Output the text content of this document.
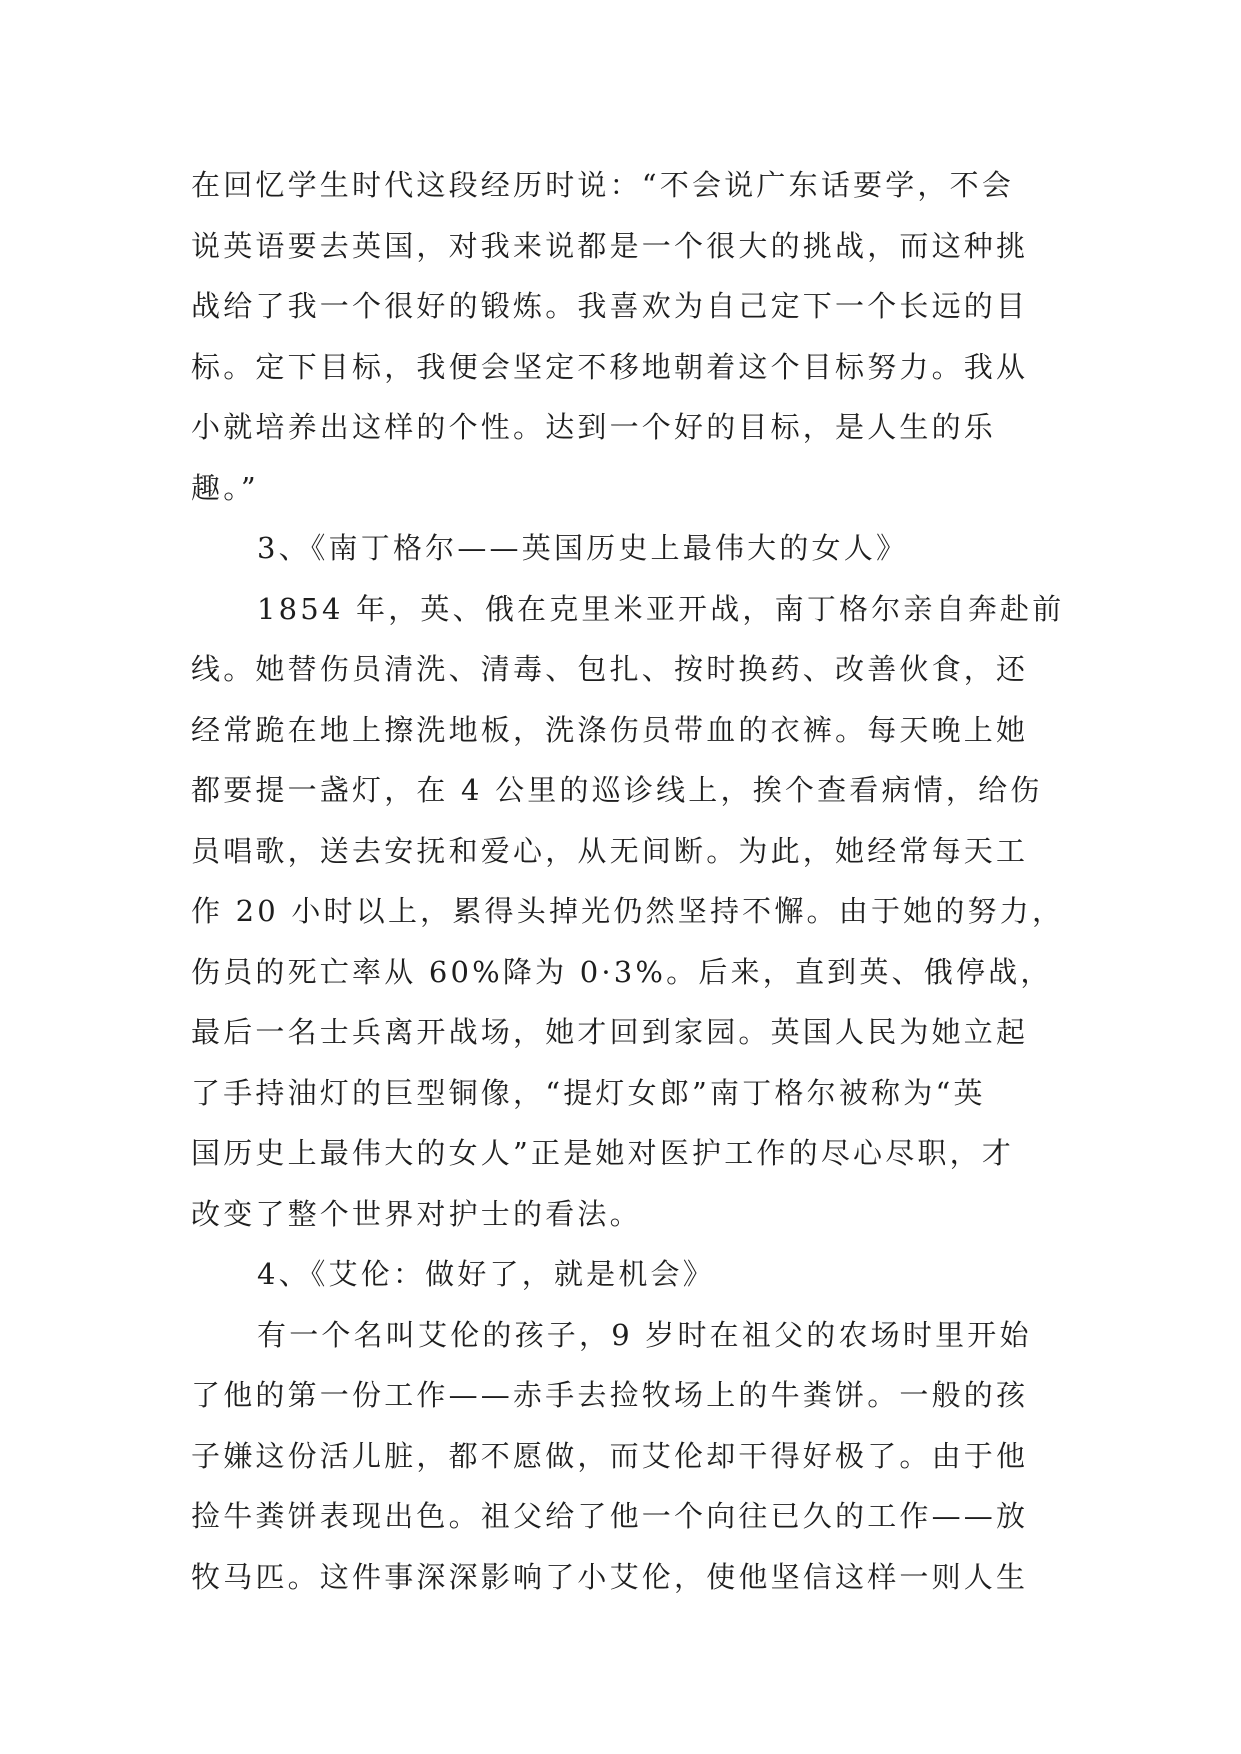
在回忆学生时代这段经历时说：“不会说广东话要学，不会
说英语要去英国，对我来说都是一个很大的挑战，而这种挑
战给了我一个很好的锻炼。我喜欢为自己定下一个长远的目
标。定下目标，我便会坚定不移地朝着这个目标努力。我从
小就培养出这样的个性。达到一个好的目标，是人生的乐
趣。”
3、《南丁格尔——英国历史上最伟大的女人》
1854 年，英、俄在克里米亚开战，南丁格尔亲自奔赴前
线。她替伤员清洗、清毒、包扎、按时换药、改善伙食，还
经常跪在地上擦洗地板，洗涤伤员带血的衣裤。每天晚上她
都要提一盏灯，在 4 公里的巡诊线上，挨个查看病情，给伤
员唱歌，送去安抚和爱心，从无间断。为此，她经常每天工
作 20 小时以上，累得头掉光仍然坚持不懈。由于她的努力，
伤员的死亡率从 60%降为 0·3%。后来，直到英、俄停战，
最后一名士兵离开战场，她才回到家园。英国人民为她立起
了手持油灯的巨型铜像，“提灯女郎”南丁格尔被称为“英
国历史上最伟大的女人”正是她对医护工作的尽心尽职，才
改变了整个世界对护士的看法。
4、《艾伦：做好了，就是机会》
有一个名叫艾伦的孩子，9 岁时在祖父的农场时里开始
了他的第一份工作——赤手去捡牧场上的牛粪饼。一般的孩
子嫌这份活儿脏，都不愿做，而艾伦却干得好极了。由于他
捡牛粪饼表现出色。祖父给了他一个向往已久的工作——放
牧马匹。这件事深深影响了小艾伦，使他坚信这样一则人生
